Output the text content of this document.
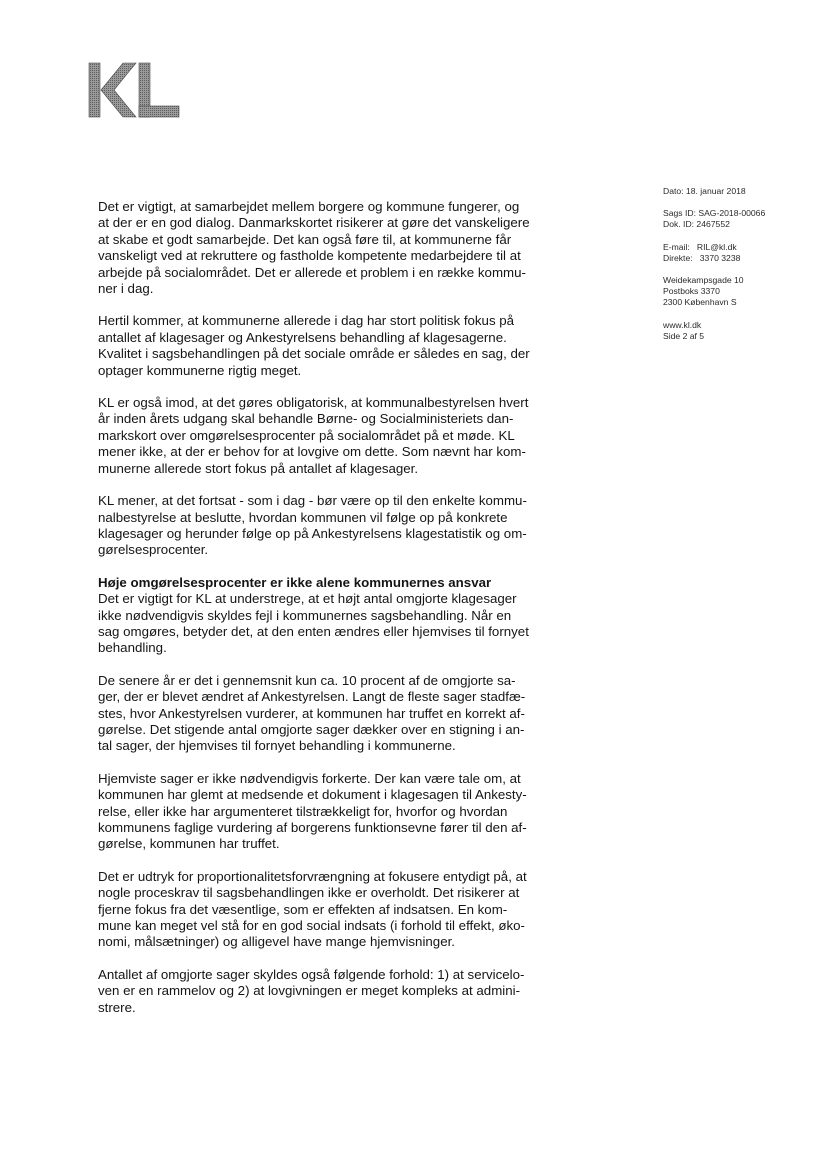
Det er vigtigt, at samarbejdet mellem borgere og kommune fungerer, og
at der er en god dialog. Danmarkskortet risikerer at gøre det vanskeligere
at skabe et godt samarbejde. Det kan også føre til, at kommunerne får
vanskeligt ved at rekruttere og fastholde kompetente medarbejdere til at
arbejde på socialområdet. Det er allerede et problem i en række kommu-
ner i dag.

Hertil kommer, at kommunerne allerede i dag har stort politisk fokus på
antallet af klagesager og Ankestyrelsens behandling af klagesagerne.
Kvalitet i sagsbehandlingen på det sociale område er således en sag, der
optager kommunerne rigtig meget.

KL er også imod, at det gøres obligatorisk, at kommunalbestyrelsen hvert
år inden årets udgang skal behandle Børne- og Socialministeriets dan-
markskort over omgørelsesprocenter på socialområdet på et møde. KL
mener ikke, at der er behov for at lovgive om dette. Som nævnt har kom-
munerne allerede stort fokus på antallet af klagesager.

KL mener, at det fortsat - som i dag - bør være op til den enkelte kommu-
nalbestyrelse at beslutte, hvordan kommunen vil følge op på konkrete
klagesager og herunder følge op på Ankestyrelsens klagestatistik og om-
gørelsesprocenter.

Høje omgørelsesprocenter er ikke alene kommunernes ansvar
Det er vigtigt for KL at understrege, at et højt antal omgjorte klagesager
ikke nødvendigvis skyldes fejl i kommunernes sagsbehandling. Når en
sag omgøres, betyder det, at den enten ændres eller hjemvises til fornyet
behandling.

De senere år er det i gennemsnit kun ca. 10 procent af de omgjorte sa-
ger, der er blevet ændret af Ankestyrelsen. Langt de fleste sager stadfæ-
stes, hvor Ankestyrelsen vurderer, at kommunen har truffet en korrekt af-
gørelse. Det stigende antal omgjorte sager dækker over en stigning i an-
tal sager, der hjemvises til fornyet behandling i kommunerne.

Hjemviste sager er ikke nødvendigvis forkerte. Der kan være tale om, at
kommunen har glemt at medsende et dokument i klagesagen til Ankesty-
relse, eller ikke har argumenteret tilstrækkeligt for, hvorfor og hvordan
kommunens faglige vurdering af borgerens funktionsevne fører til den af-
gørelse, kommunen har truffet.

Det er udtryk for proportionalitetsforvrængning at fokusere entydigt på, at
nogle proceskrav til sagsbehandlingen ikke er overholdt. Det risikerer at
fjerne fokus fra det væsentlige, som er effekten af indsatsen. En kom-
mune kan meget vel stå for en god social indsats (i forhold til effekt, øko-
nomi, målsætninger) og alligevel have mange hjemvisninger.

Antallet af omgjorte sager skyldes også følgende forhold: 1) at servicelo-
ven er en rammelov og 2) at lovgivningen er meget kompleks at admini-
strere.

Dato: 18. januar 2018
Sags ID: SAG-2018-00066
Dok. ID: 2467552
E-mail:   RIL@kl.dk
Direkte:   3370 3238
Weidekampsgade 10
Postboks 3370
2300 København S
www.kl.dk
Side 2 af 5
